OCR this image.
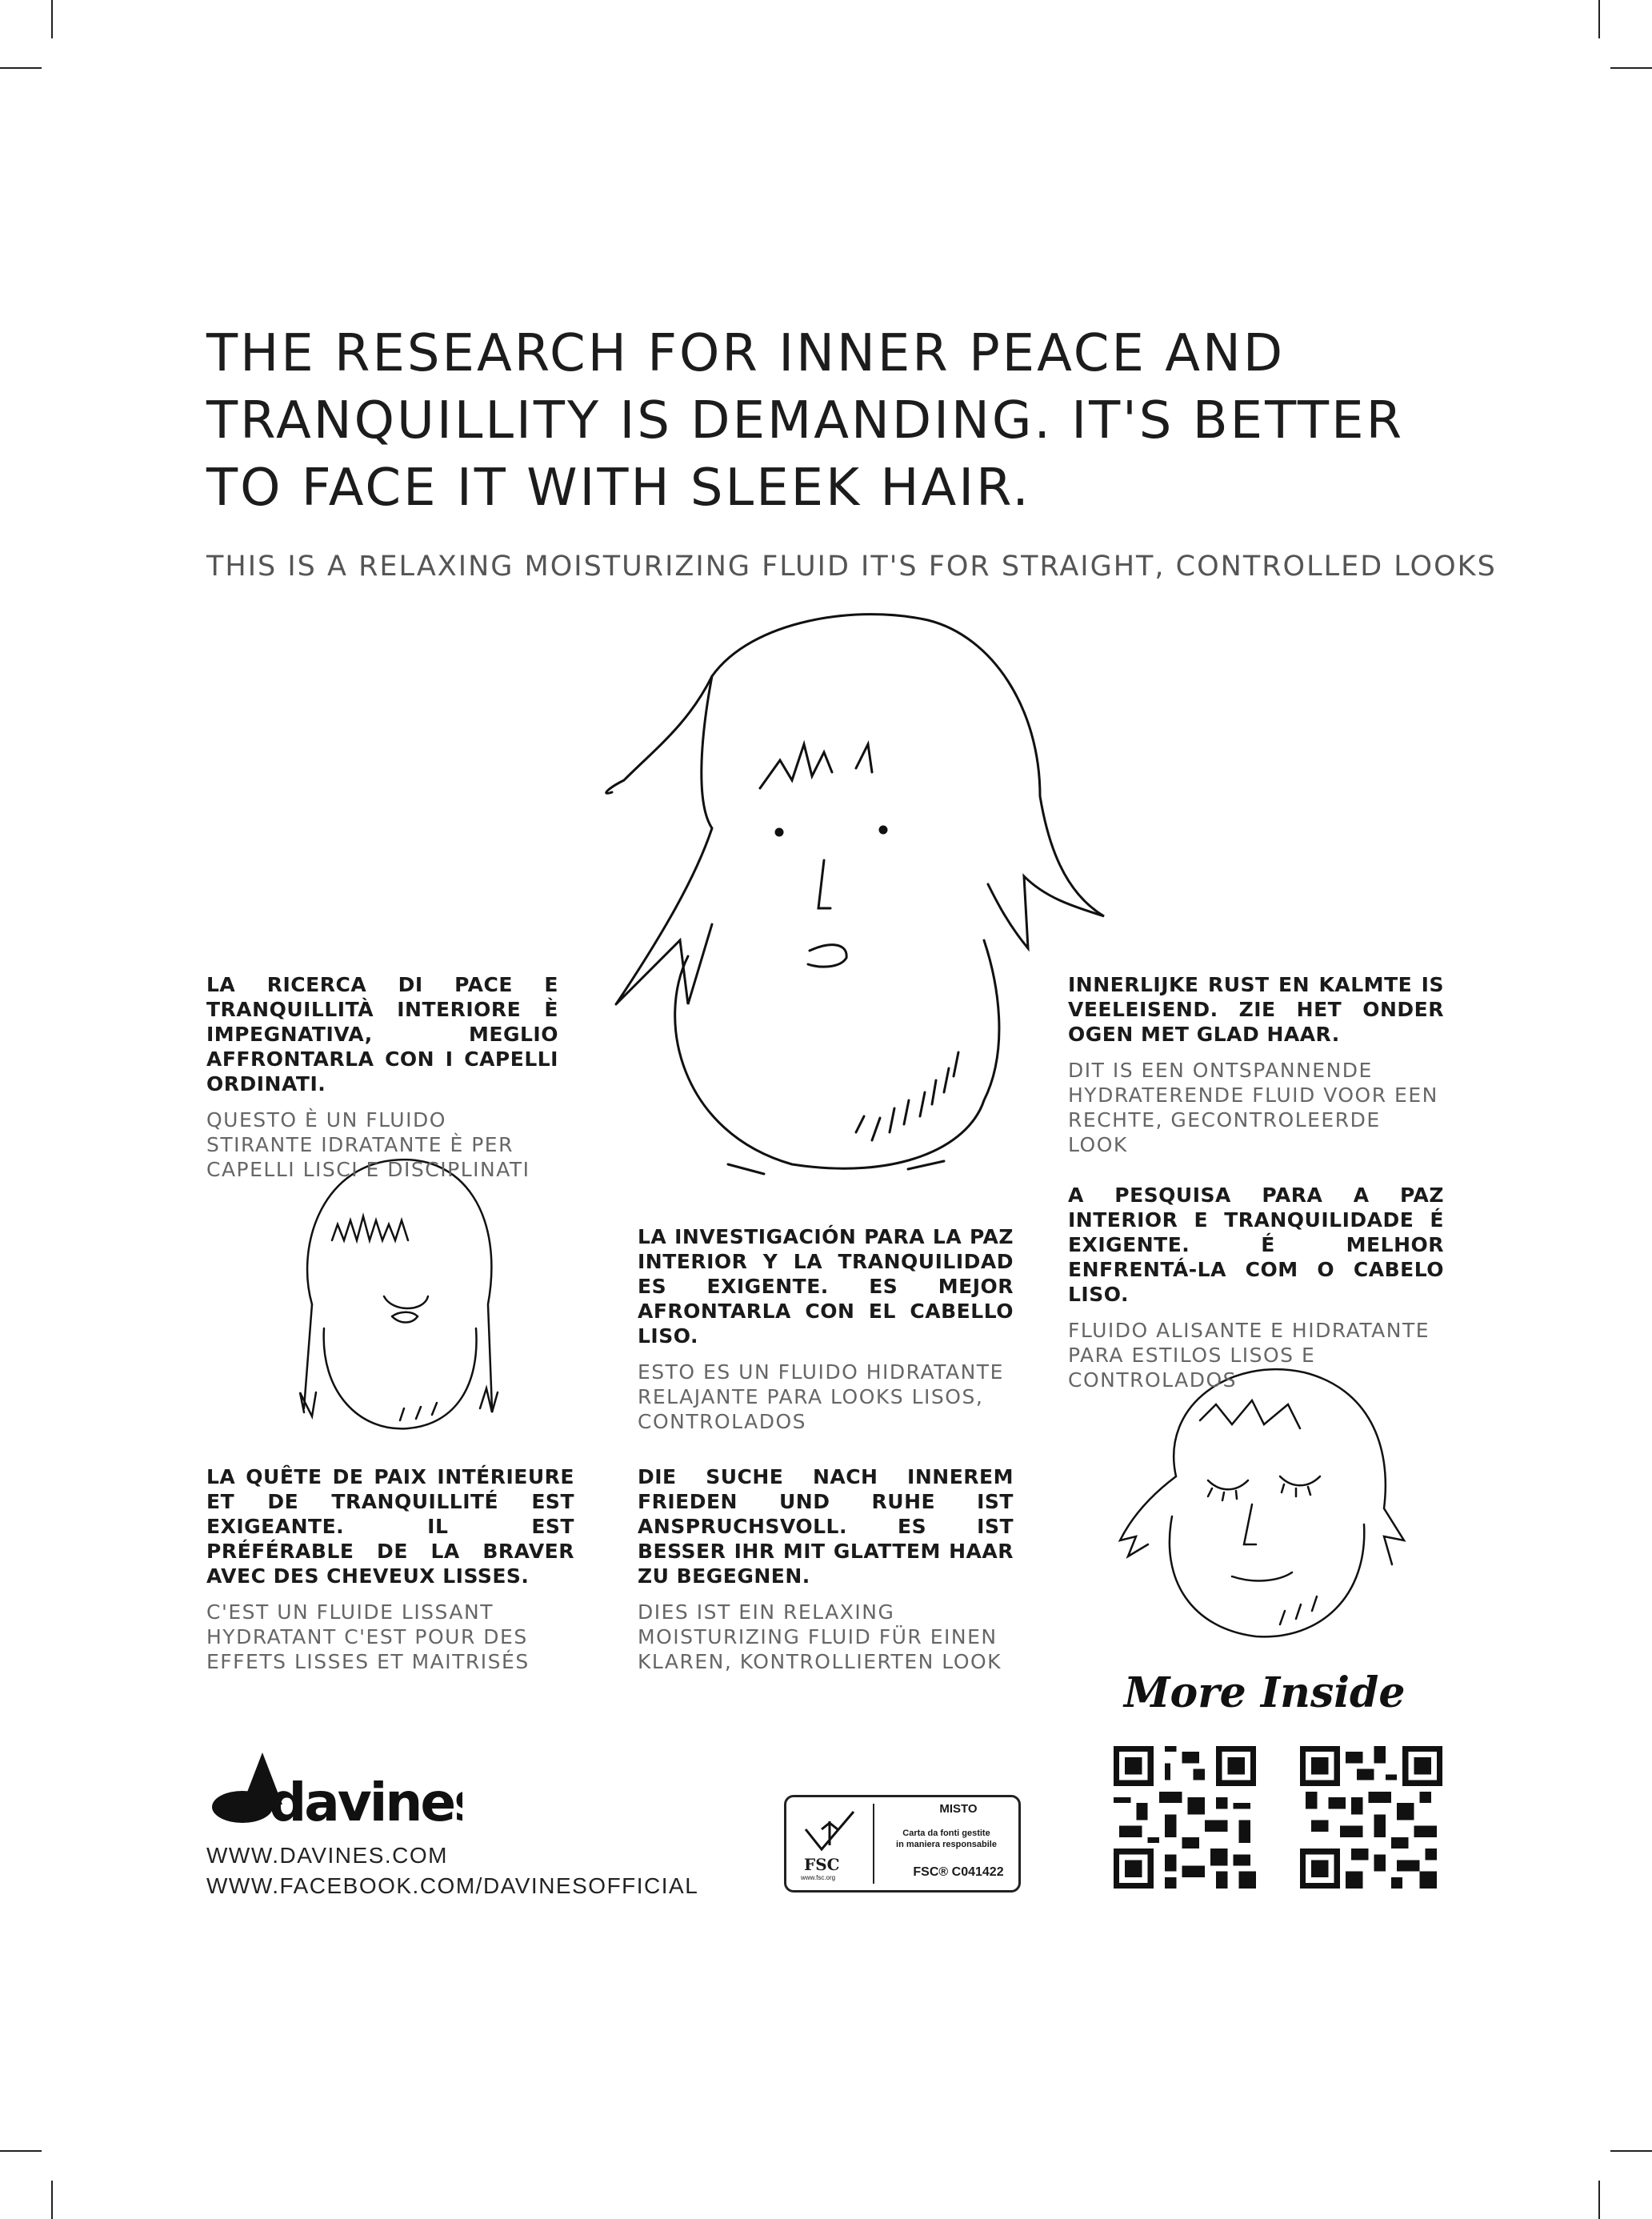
THE RESEARCH FOR INNER PEACE AND TRANQUILLITY IS DEMANDING. IT'S BETTER TO FACE IT WITH SLEEK HAIR.
THIS IS A RELAXING MOISTURIZING FLUID IT'S FOR STRAIGHT, CONTROLLED LOOKS
LA RICERCA DI PACE E TRANQUILLITÀ INTERIORE È IMPEGNATIVA, MEGLIO AFFRONTARLA CON I CAPELLI ORDINATI.
QUESTO È UN FLUIDO STIRANTE IDRATANTE È PER CAPELLI LISCI E DISCIPLINATI
INNERLIJKE RUST EN KALMTE IS VEELEISEND. ZIE HET ONDER OGEN MET GLAD HAAR.
DIT IS EEN ONTSPANNENDE HYDRATERENDE FLUID VOOR EEN RECHTE, GECONTROLEERDE LOOK
LA INVESTIGACIÓN PARA LA PAZ INTERIOR Y LA TRANQUILIDAD ES EXIGENTE. ES MEJOR AFRONTARLA CON EL CABELLO LISO.
ESTO ES UN FLUIDO HIDRATANTE RELAJANTE PARA LOOKS LISOS, CONTROLADOS
A PESQUISA PARA A PAZ INTERIOR E TRANQUILIDADE É EXIGENTE. É MELHOR ENFRENTÁ-LA COM O CABELO LISO.
FLUIDO ALISANTE E HIDRATANTE PARA ESTILOS LISOS E CONTROLADOS
LA QUÊTE DE PAIX INTÉRIEURE ET DE TRANQUILLITÉ EST EXIGEANTE. IL EST PRÉFÉRABLE DE LA BRAVER AVEC DES CHEVEUX LISSES.
C'EST UN FLUIDE LISSANT HYDRATANT C'EST POUR DES EFFETS LISSES ET MAITRISÉS
DIE SUCHE NACH INNEREM FRIEDEN UND RUHE IST ANSPRUCHSVOLL. ES IST BESSER IHR MIT GLATTEM HAAR ZU BEGEGNEN.
DIES IST EIN RELAXING MOISTURIZING FLUID FÜR EINEN KLAREN, KONTROLLIERTEN LOOK
davines
WWW.DAVINES.COM
WWW.FACEBOOK.COM/DAVINESOFFICIAL
FSC
www.fsc.org
MISTO
Carta da fonti gestite
in maniera responsabile
FSC® C041422
More Inside
